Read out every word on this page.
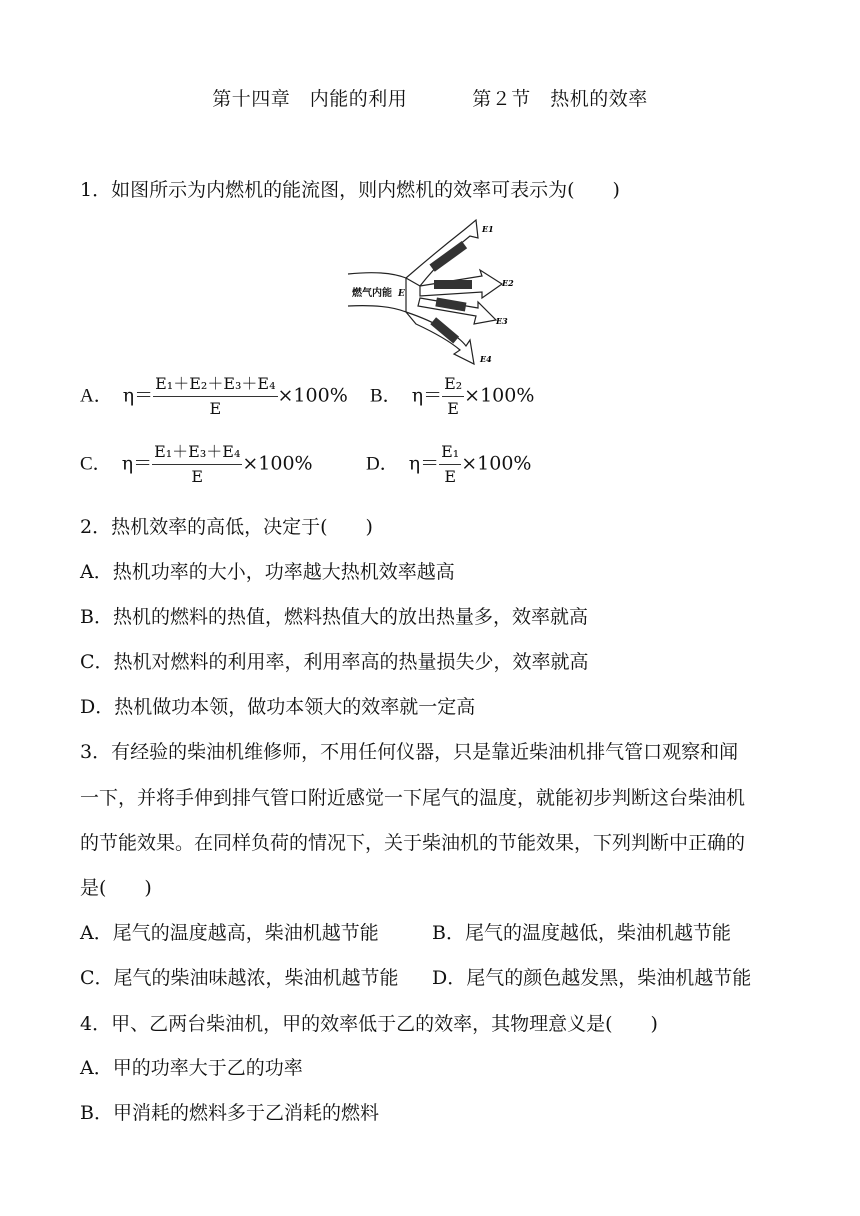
第十四章　内能的利用	第２节　热机的效率
1．如图所示为内燃机的能流图，则内燃机的效率可表示为(　　)
燃气内能 E
E1
E2
E3
E4
A． $\eta= \frac{\text{E₁＋E₂＋E₃＋E₄}}{E} \times 100\%$ B． $\eta= \frac{\text{E₂}}{E} \times 100\%$
C． $\eta= \frac{\text{E₁＋E₃＋E₄}}{E} \times 100\%$	D． $\eta= \frac{\text{E₁}}{E} \times 100\%$
2．热机效率的高低，决定于(　　)
A．热机功率的大小，功率越大热机效率越高
B．热机的燃料的热值，燃料热值大的放出热量多，效率就高
C．热机对燃料的利用率，利用率高的热量损失少，效率就高
D．热机做功本领，做功本领大的效率就一定高
3．有经验的柴油机维修师，不用任何仪器，只是靠近柴油机排气管口观察和闻
一下，并将手伸到排气管口附近感觉一下尾气的温度，就能初步判断这台柴油机
的节能效果。在同样负荷的情况下，关于柴油机的节能效果，下列判断中正确的
是(　　)
A．尾气的温度越高，柴油机越节能	B．尾气的温度越低，柴油机越节能
C．尾气的柴油味越浓，柴油机越节能 D．尾气的颜色越发黑，柴油机越节能
4．甲、乙两台柴油机，甲的效率低于乙的效率，其物理意义是(　　)
A．甲的功率大于乙的功率
B．甲消耗的燃料多于乙消耗的燃料
